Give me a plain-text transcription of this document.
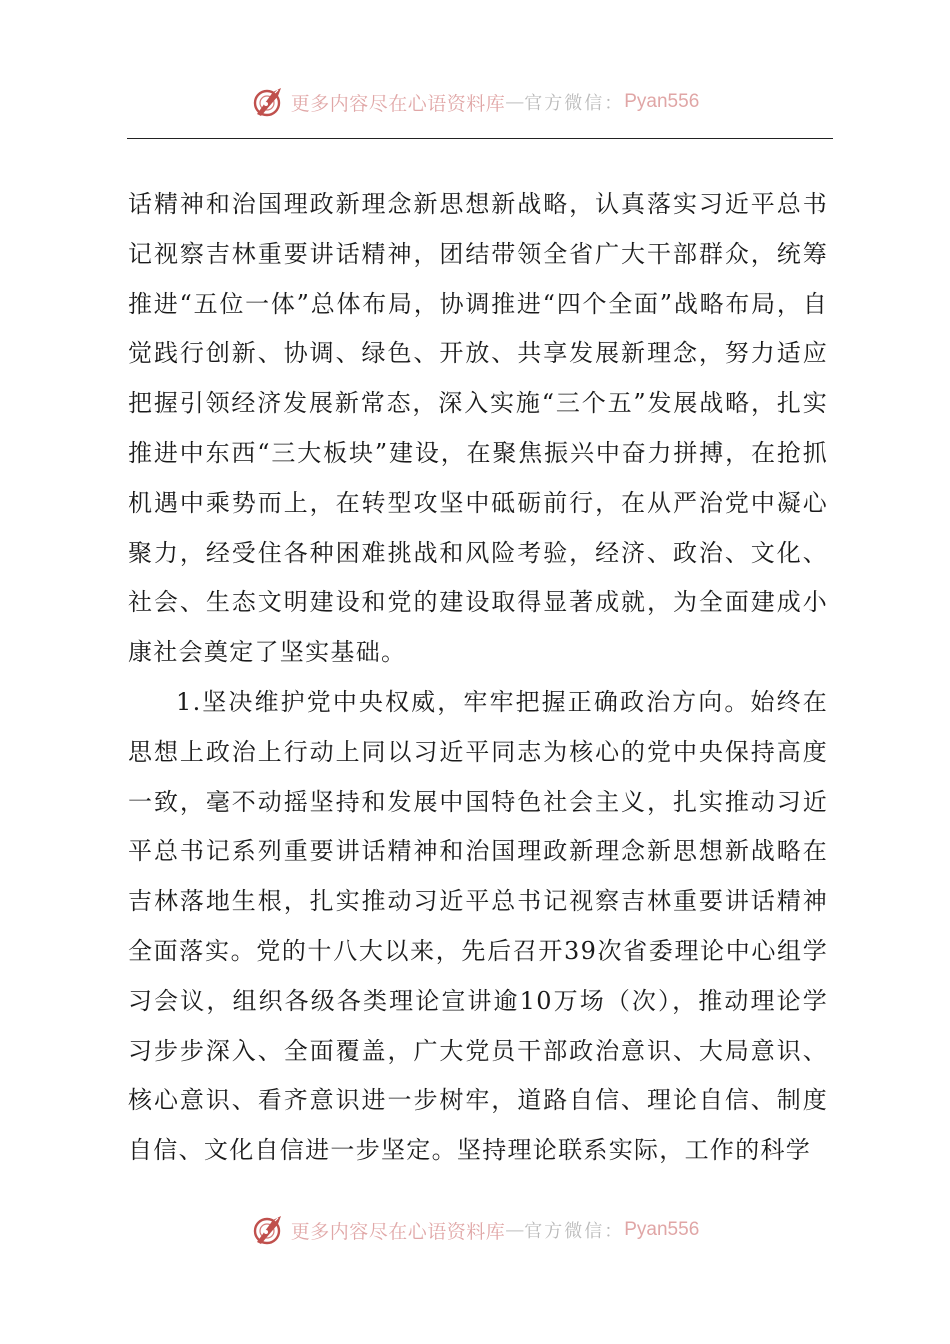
更多内容尽在心语资料库 — 官方微信： Pyan556

话精神和治国理政新理念新思想新战略，认真落实习近平总书记视察吉林重要讲话精神，团结带领全省广大干部群众，统筹推进“五位一体”总体布局，协调推进“四个全面”战略布局，自觉践行创新、协调、绿色、开放、共享发展新理念，努力适应把握引领经济发展新常态，深入实施“三个五”发展战略，扎实推进中东西“三大板块”建设，在聚焦振兴中奋力拼搏，在抢抓机遇中乘势而上，在转型攻坚中砥砺前行，在从严治党中凝心聚力，经受住各种困难挑战和风险考验，经济、政治、文化、社会、生态文明建设和党的建设取得显著成就，为全面建成小康社会奠定了坚实基础。

1.坚决维护党中央权威，牢牢把握正确政治方向。始终在思想上政治上行动上同以习近平同志为核心的党中央保持高度一致，毫不动摇坚持和发展中国特色社会主义，扎实推动习近平总书记系列重要讲话精神和治国理政新理念新思想新战略在吉林落地生根，扎实推动习近平总书记视察吉林重要讲话精神全面落实。党的十八大以来，先后召开39次省委理论中心组学习会议，组织各级各类理论宣讲逾10万场（次），推动理论学习步步深入、全面覆盖，广大党员干部政治意识、大局意识、核心意识、看齐意识进一步树牢，道路自信、理论自信、制度自信、文化自信进一步坚定。坚持理论联系实际，工作的科学

更多内容尽在心语资料库 — 官方微信： Pyan556
